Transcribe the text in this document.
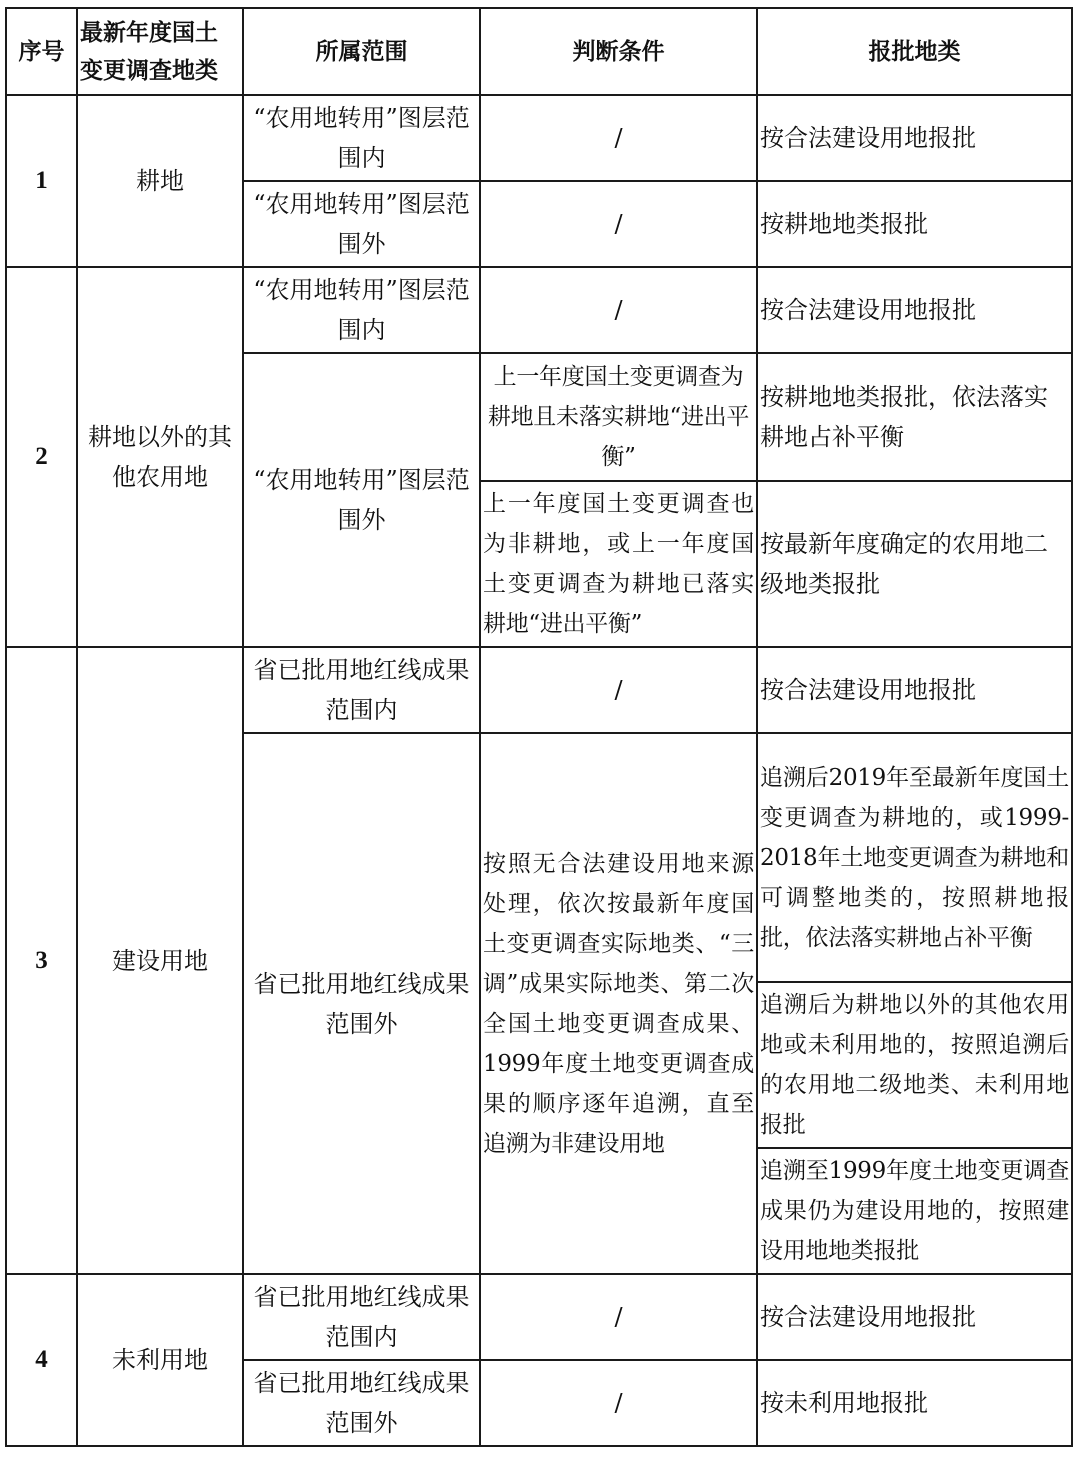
序号	最新年度国土变更调查地类	所属范围	判断条件	报批地类
1	耕地	“农用地转用”图层范围内	/	按合法建设用地报批
		“农用地转用”图层范围外	/	按耕地地类报批
2	耕地以外的其他农用地	“农用地转用”图层范围内	/	按合法建设用地报批
		“农用地转用”图层范围外	上一年度国土变更调查为耕地且未落实耕地“进出平衡”	按耕地地类报批，依法落实耕地占补平衡
			上一年度国土变更调查也为非耕地，或上一年度国土变更调查为耕地已落实耕地“进出平衡”	按最新年度确定的农用地二级地类报批
3	建设用地	省已批用地红线成果范围内	/	按合法建设用地报批
		省已批用地红线成果范围外	按照无合法建设用地来源处理，依次按最新年度国土变更调查实际地类、“三调”成果实际地类、第二次全国土地变更调查成果、1999年度土地变更调查成果的顺序逐年追溯，直至追溯为非建设用地	追溯后2019年至最新年度国土变更调查为耕地的，或1999-2018年土地变更调查为耕地和可调整地类的，按照耕地报批，依法落实耕地占补平衡
				追溯后为耕地以外的其他农用地或未利用地的，按照追溯后的农用地二级地类、未利用地报批
				追溯至1999年度土地变更调查成果仍为建设用地的，按照建设用地地类报批
4	未利用地	省已批用地红线成果范围内	/	按合法建设用地报批
		省已批用地红线成果范围外	/	按未利用地报批
